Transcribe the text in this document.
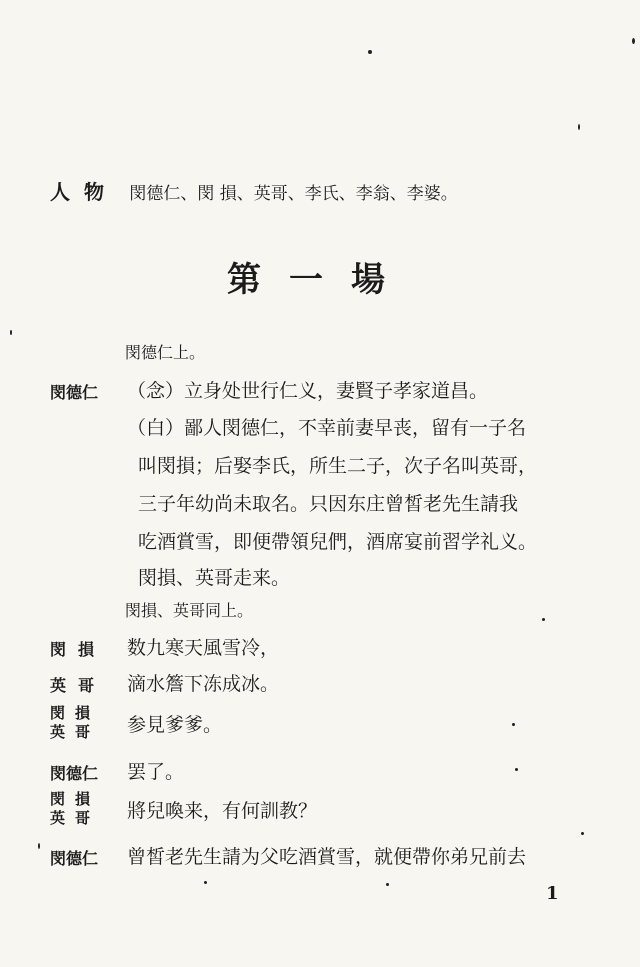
人物 閔德仁、閔 損、英哥、李氏、李翁、李婆。
第一場
閔德仁上。
閔德仁 （念）立身处世行仁义，妻賢子孝家道昌。
（白）鄙人閔德仁，不幸前妻早丧，留有一子名
叫閔損；后娶李氏，所生二子，次子名叫英哥，
三子年幼尚未取名。只因东庄曾皙老先生請我
吃酒賞雪，即便帶領兒們，酒席宴前習学礼义。
閔損、英哥走来。
閔損、英哥同上。
閔損 数九寒天風雪冷，
英哥 滴水簷下冻成冰。
閔損
英哥 参見爹爹。
閔德仁 罢了。
閔損
英哥 將兒喚来，有何訓教？
閔德仁 曾皙老先生請为父吃酒賞雪，就便帶你弟兄前去
1
